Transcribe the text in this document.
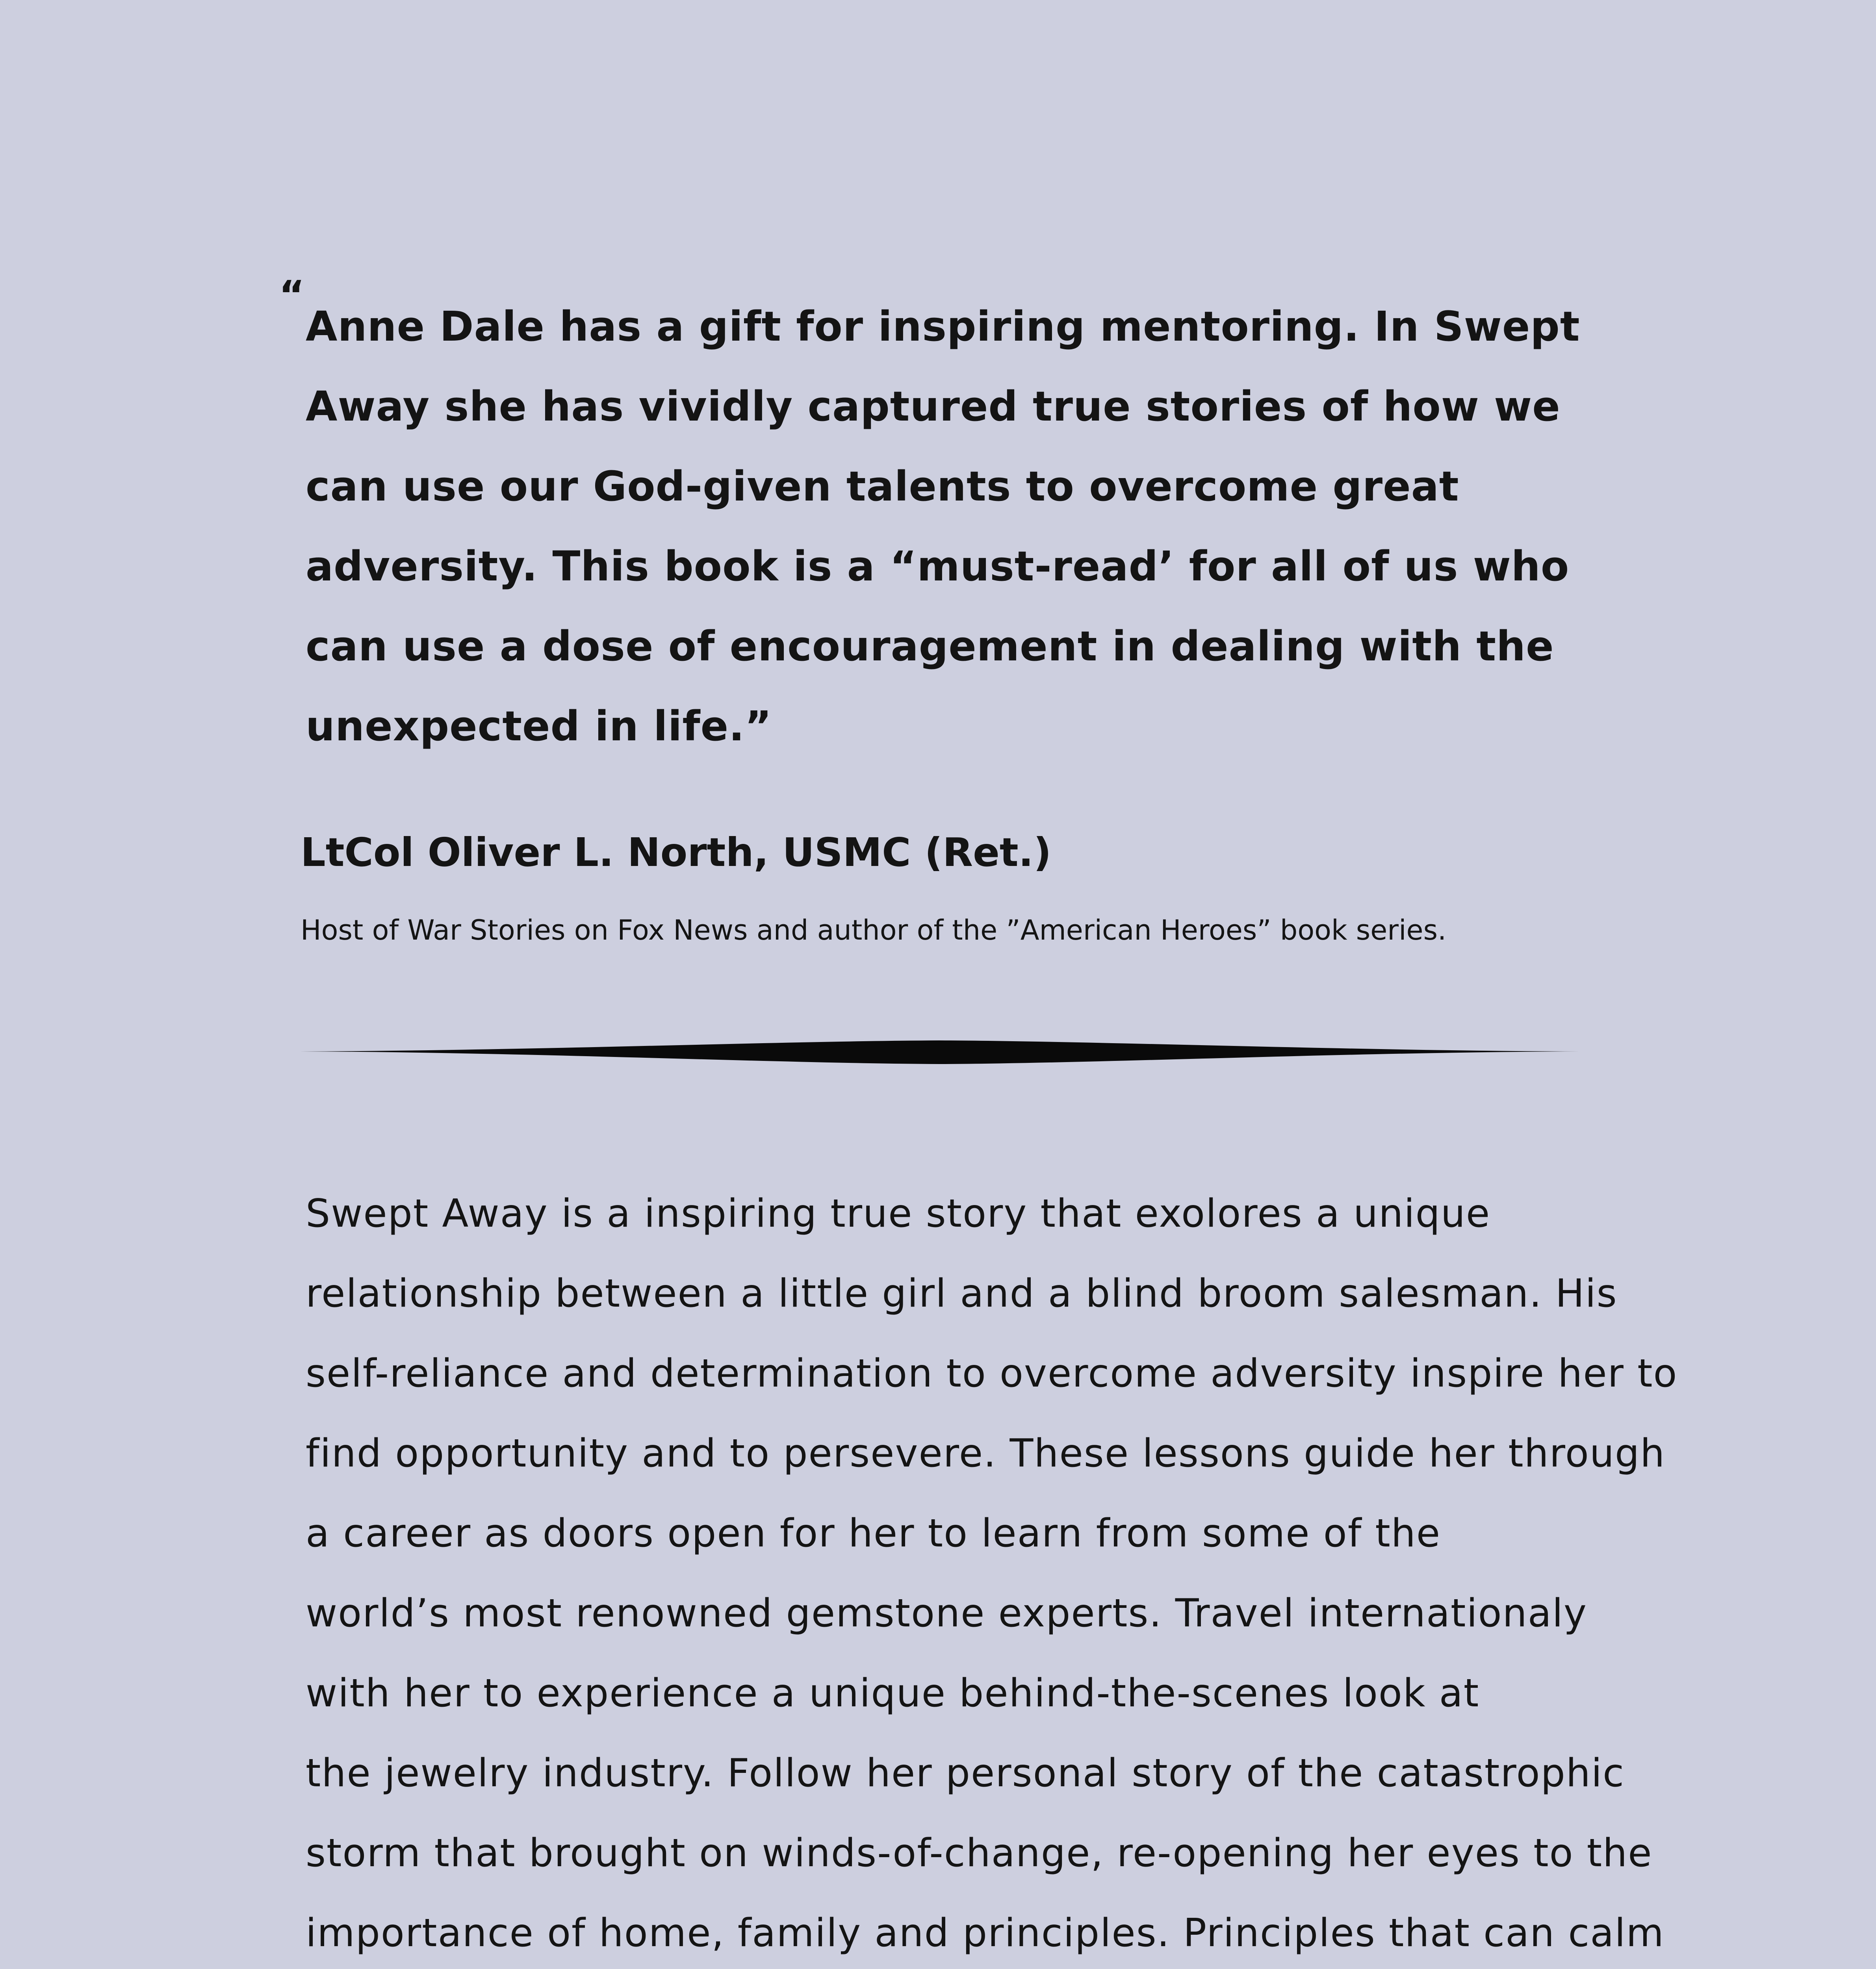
“
Anne Dale has a gift for inspiring mentoring. In Swept
Away she has vividly captured true stories of how we
can use our God-given talents to overcome great
adversity. This book is a “must-read’ for all of us who
can use a dose of encouragement in dealing with the
unexpected in life.”
LtCol Oliver L. North, USMC (Ret.)
Host of War Stories on Fox News and author of the ”American Heroes” book series.
Swept Away is a inspiring true story that exolores a unique
relationship between a little girl and a blind broom salesman. His
self-reliance and determination to overcome adversity inspire her to
find opportunity and to persevere. These lessons guide her through
a career as doors open for her to learn from some of the
world’s most renowned gemstone experts. Travel internationaly
with her to experience a unique behind-the-scenes look at
the jewelry industry. Follow her personal story of the catastrophic
storm that brought on winds-of-change, re-opening her eyes to the
importance of home, family and principles. Principles that can calm
